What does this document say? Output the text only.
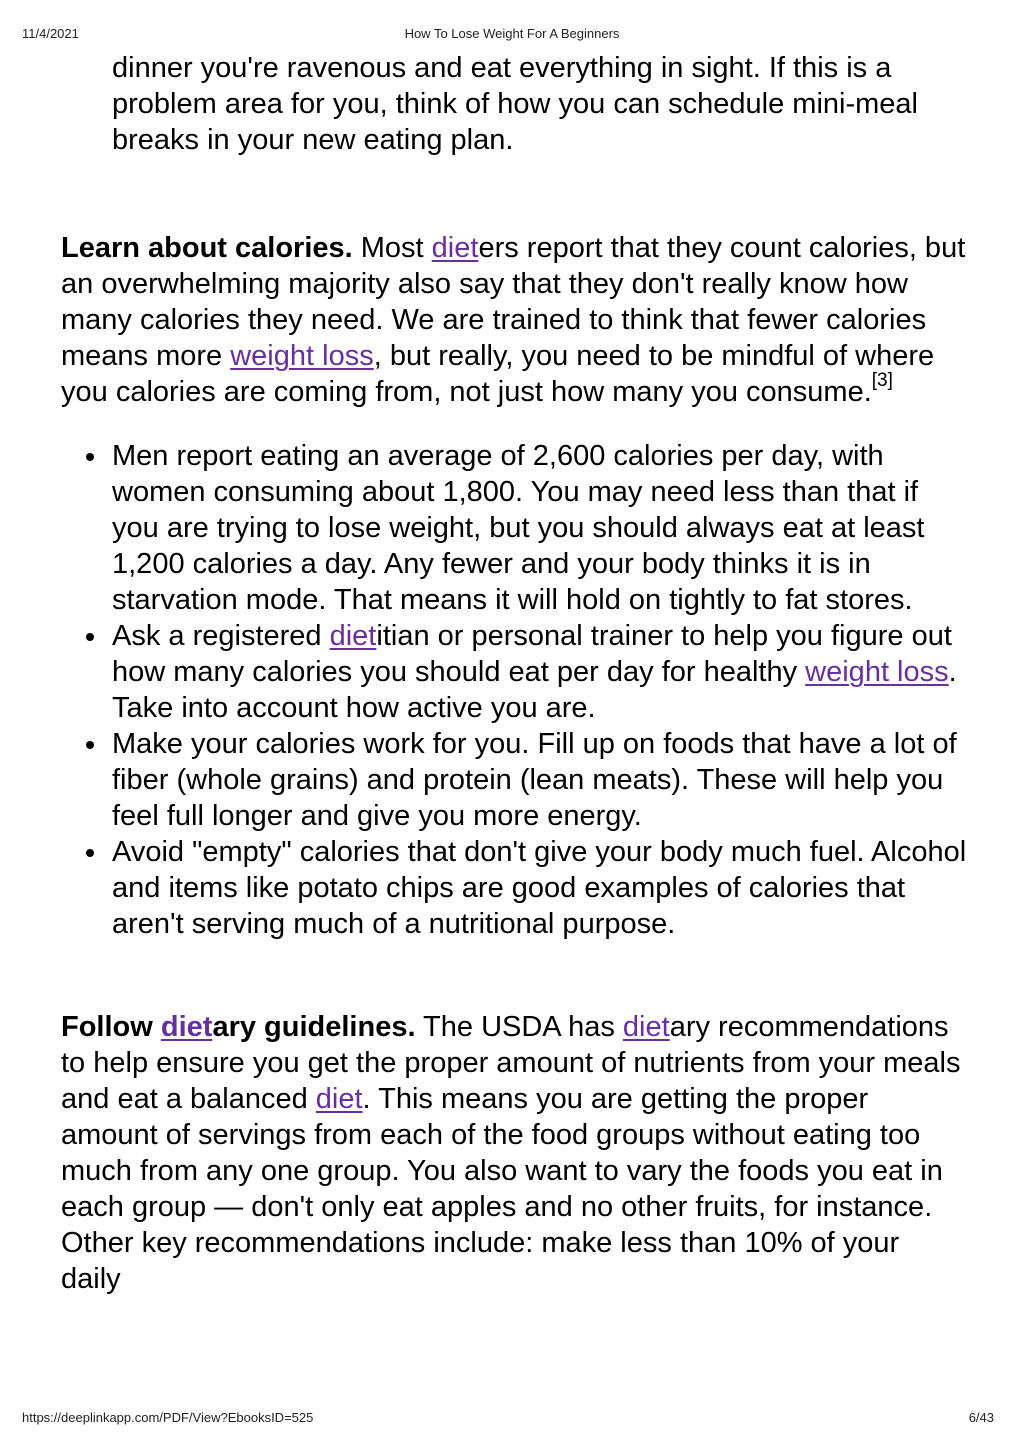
11/4/2021	How To Lose Weight For A Beginners

dinner you're ravenous and eat everything in sight. If this is a problem area for you, think of how you can schedule mini-meal breaks in your new eating plan.

Learn about calories. Most dieters report that they count calories, but an overwhelming majority also say that they don't really know how many calories they need. We are trained to think that fewer calories means more weight loss, but really, you need to be mindful of where you calories are coming from, not just how many you consume.[3]

Men report eating an average of 2,600 calories per day, with women consuming about 1,800. You may need less than that if you are trying to lose weight, but you should always eat at least 1,200 calories a day. Any fewer and your body thinks it is in starvation mode. That means it will hold on tightly to fat stores.
Ask a registered dietitian or personal trainer to help you figure out how many calories you should eat per day for healthy weight loss. Take into account how active you are.
Make your calories work for you. Fill up on foods that have a lot of fiber (whole grains) and protein (lean meats). These will help you feel full longer and give you more energy.
Avoid "empty" calories that don't give your body much fuel. Alcohol and items like potato chips are good examples of calories that aren't serving much of a nutritional purpose.

Follow dietary guidelines. The USDA has dietary recommendations to help ensure you get the proper amount of nutrients from your meals and eat a balanced diet. This means you are getting the proper amount of servings from each of the food groups without eating too much from any one group. You also want to vary the foods you eat in each group — don't only eat apples and no other fruits, for instance. Other key recommendations include: make less than 10% of your daily

https://deeplinkapp.com/PDF/View?EbooksID=525	6/43
